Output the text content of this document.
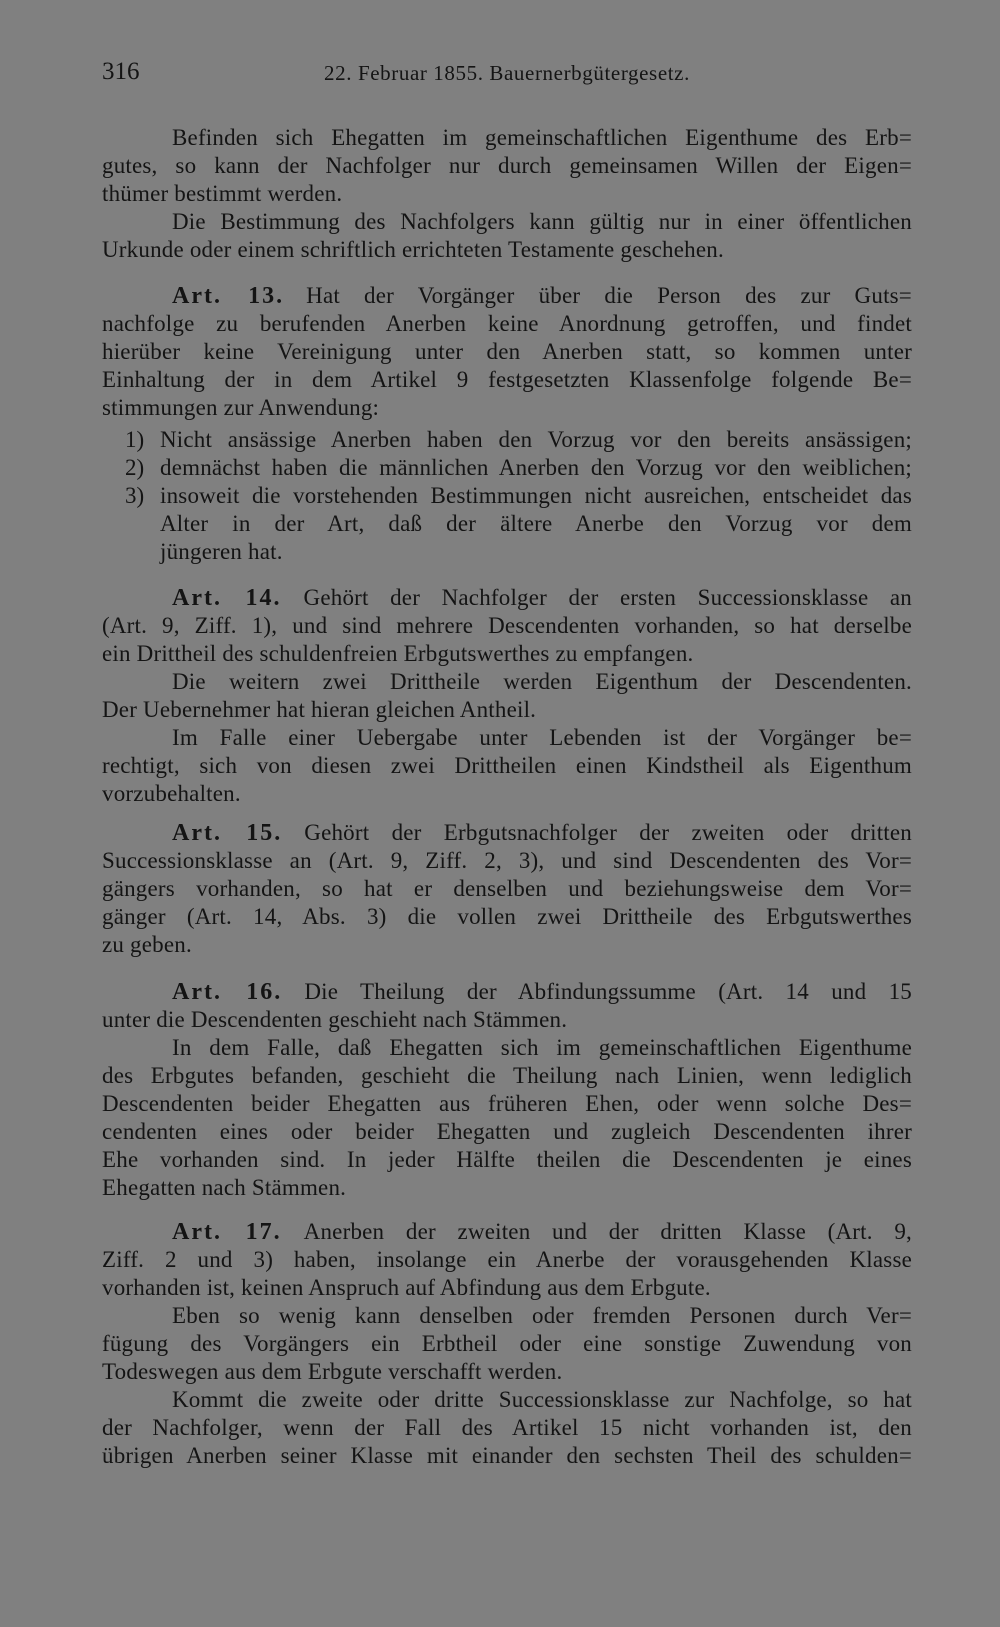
316	22. Februar 1855. Bauernerbgütergesetz.
Befinden sich Ehegatten im gemeinschaftlichen Eigenthume des Erb=
gutes, so kann der Nachfolger nur durch gemeinsamen Willen der Eigen=
thümer bestimmt werden.
Die Bestimmung des Nachfolgers kann gültig nur in einer öffentlichen
Urkunde oder einem schriftlich errichteten Testamente geschehen.
Art. 13. Hat der Vorgänger über die Person des zur Guts=
nachfolge zu berufenden Anerben keine Anordnung getroffen, und findet
hierüber keine Vereinigung unter den Anerben statt, so kommen unter
Einhaltung der in dem Artikel 9 festgesetzten Klassenfolge folgende Be=
stimmungen zur Anwendung:
1) Nicht ansässige Anerben haben den Vorzug vor den bereits ansässigen;
2) demnächst haben die männlichen Anerben den Vorzug vor den weiblichen;
3) insoweit die vorstehenden Bestimmungen nicht ausreichen, entscheidet das
Alter in der Art, daß der ältere Anerbe den Vorzug vor dem
jüngeren hat.
Art. 14. Gehört der Nachfolger der ersten Successionsklasse an
(Art. 9, Ziff. 1), und sind mehrere Descendenten vorhanden, so hat derselbe
ein Drittheil des schuldenfreien Erbgutswerthes zu empfangen.
Die weitern zwei Drittheile werden Eigenthum der Descendenten.
Der Uebernehmer hat hieran gleichen Antheil.
Im Falle einer Uebergabe unter Lebenden ist der Vorgänger be=
rechtigt, sich von diesen zwei Drittheilen einen Kindstheil als Eigenthum
vorzubehalten.
Art. 15. Gehört der Erbgutsnachfolger der zweiten oder dritten
Successionsklasse an (Art. 9, Ziff. 2, 3), und sind Descendenten des Vor=
gängers vorhanden, so hat er denselben und beziehungsweise dem Vor=
gänger (Art. 14, Abs. 3) die vollen zwei Drittheile des Erbgutswerthes
zu geben.
Art. 16. Die Theilung der Abfindungssumme (Art. 14 und 15
unter die Descendenten geschieht nach Stämmen.
In dem Falle, daß Ehegatten sich im gemeinschaftlichen Eigenthume
des Erbgutes befanden, geschieht die Theilung nach Linien, wenn lediglich
Descendenten beider Ehegatten aus früheren Ehen, oder wenn solche Des=
cendenten eines oder beider Ehegatten und zugleich Descendenten ihrer
Ehe vorhanden sind. In jeder Hälfte theilen die Descendenten je eines
Ehegatten nach Stämmen.
Art. 17. Anerben der zweiten und der dritten Klasse (Art. 9,
Ziff. 2 und 3) haben, insolange ein Anerbe der vorausgehenden Klasse
vorhanden ist, keinen Anspruch auf Abfindung aus dem Erbgute.
Eben so wenig kann denselben oder fremden Personen durch Ver=
fügung des Vorgängers ein Erbtheil oder eine sonstige Zuwendung von
Todeswegen aus dem Erbgute verschafft werden.
Kommt die zweite oder dritte Successionsklasse zur Nachfolge, so hat
der Nachfolger, wenn der Fall des Artikel 15 nicht vorhanden ist, den
übrigen Anerben seiner Klasse mit einander den sechsten Theil des schulden=
